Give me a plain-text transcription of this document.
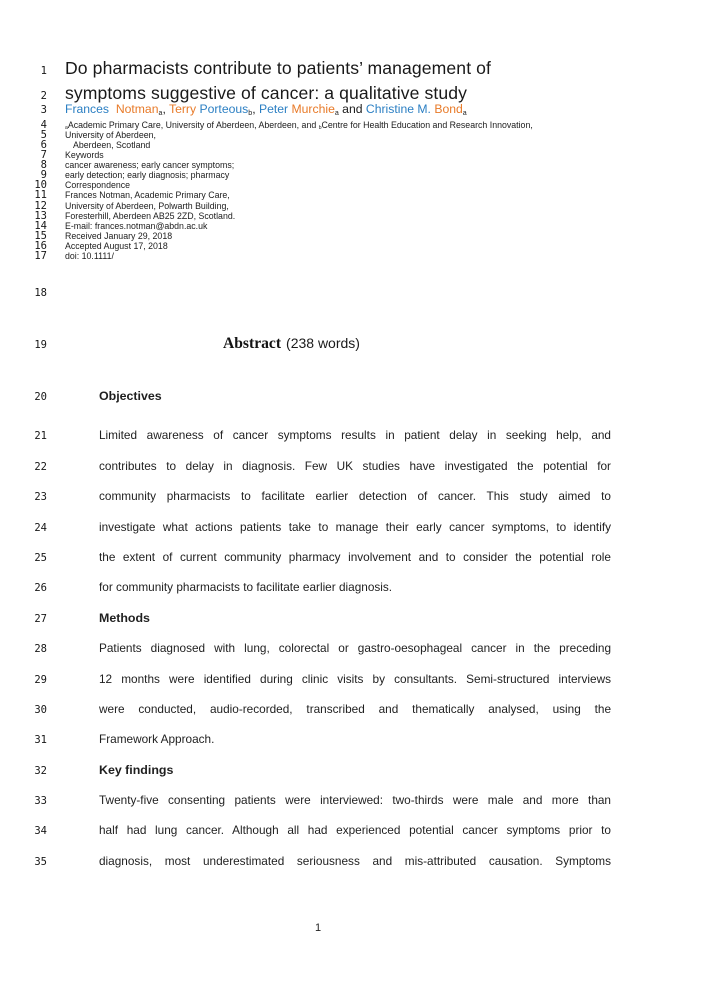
1 Do pharmacists contribute to patients’ management of
2 symptoms suggestive of cancer: a qualitative study
3 Frances  Notmana, Terry Porteousb, Peter Murchiea and Christine M. Bonda
4	aAcademic Primary Care, University of Aberdeen, Aberdeen, and bCentre for Health Education and Research Innovation,
5 University of Aberdeen,
6	Aberdeen, Scotland
7 Keywords
8 cancer awareness; early cancer symptoms;
9 early detection; early diagnosis; pharmacy
10 Correspondence
11 Frances Notman, Academic Primary Care,
12 University of Aberdeen, Polwarth Building,
13 Foresterhill, Aberdeen AB25 2ZD, Scotland.
14 E-mail: frances.notman@abdn.ac.uk
15 Received January 29, 2018
16 Accepted August 17, 2018
17 doi: 10.1111/
18
19	Abstract (238 words)
20	Objectives
21	Limited awareness of cancer symptoms results in patient delay in seeking help, and
22	contributes to delay in diagnosis. Few UK studies have investigated the potential for
23	community pharmacists to facilitate earlier detection of cancer. This study aimed to
24	investigate what actions patients take to manage their early cancer symptoms, to identify
25	the extent of current community pharmacy involvement and to consider the potential role
26	for community pharmacists to facilitate earlier diagnosis.
27	Methods
28	Patients diagnosed with lung, colorectal or gastro-oesophageal cancer in the preceding
29	12 months were identified during clinic visits by consultants. Semi-structured interviews
30	were conducted, audio-recorded, transcribed and thematically analysed, using the
31	Framework Approach.
32	Key findings
33	Twenty-five consenting patients were interviewed: two-thirds were male and more than
34	half had lung cancer. Although all had experienced potential cancer symptoms prior to
35	diagnosis, most underestimated seriousness and mis-attributed causation. Symptoms
1
